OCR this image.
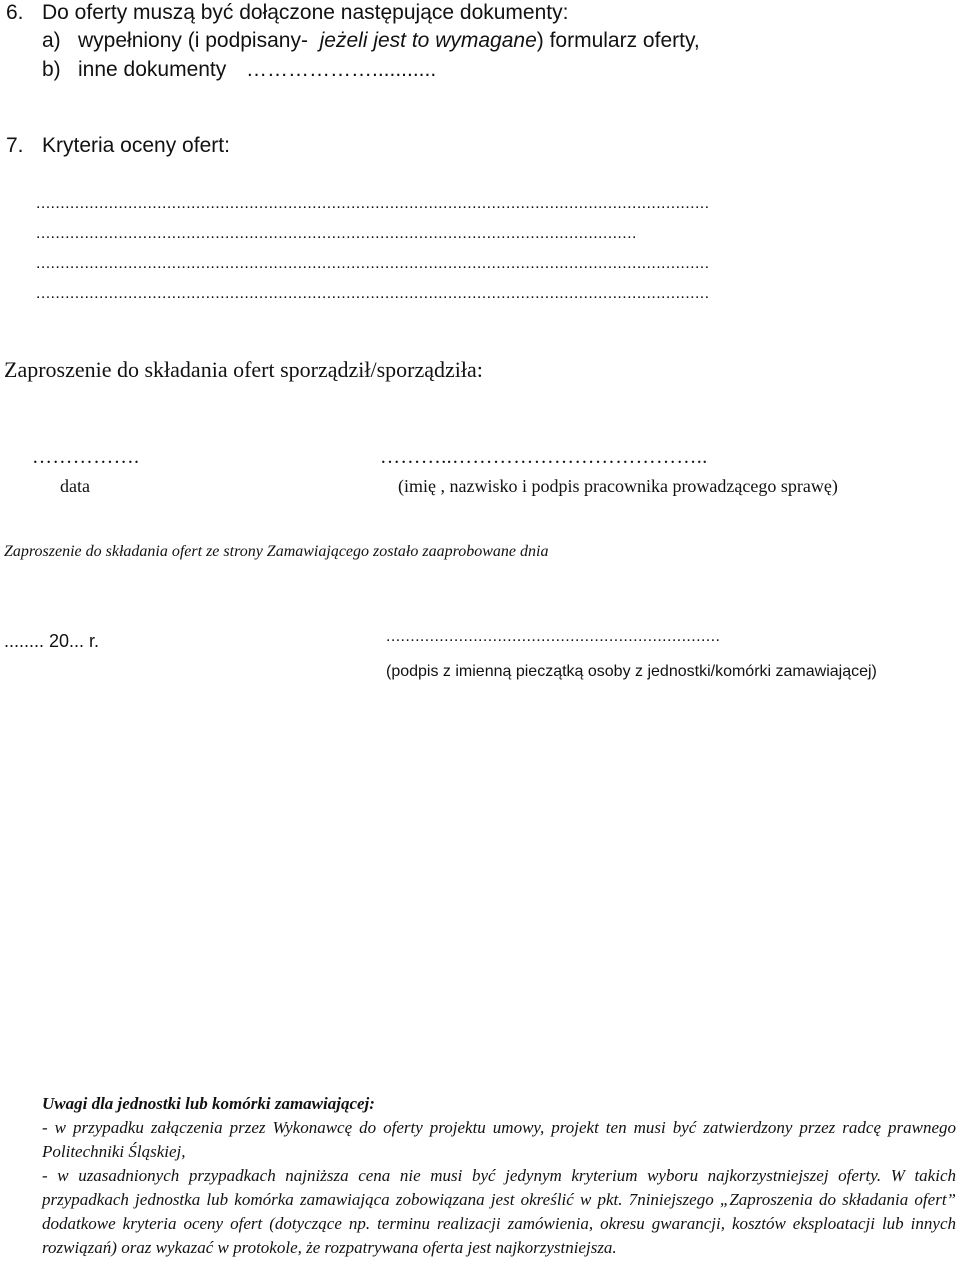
6. Do oferty muszą być dołączone następujące dokumenty:
a) wypełniony (i podpisany- jeżeli jest to wymagane) formularz oferty,
b) inne dokumenty ………………...........
7. Kryteria oceny ofert:
...........................................................................................................................................
............................................................................................................................
...........................................................................................................................................
...........................................................................................................................................
Zaproszenie do składania ofert sporządził/sporządziła:
…………….	………..………………………………..
data	(imię , nazwisko i podpis pracownika prowadzącego sprawę)
Zaproszenie do składania ofert ze strony Zamawiającego zostało zaaprobowane dnia
........ 20... r.	.....................................................................
(podpis z imienną pieczątką osoby z jednostki/komórki zamawiającej)

Uwagi dla jednostki lub komórki zamawiającej:

- w przypadku załączenia przez Wykonawcę do oferty projektu umowy, projekt ten musi być zatwierdzony przez radcę prawnego Politechniki Śląskiej,

- w uzasadnionych przypadkach najniższa cena nie musi być jedynym kryterium wyboru najkorzystniejszej oferty. W takich przypadkach jednostka lub komórka zamawiająca zobowiązana jest określić w pkt. 7niniejszego „Zaproszenia do składania ofert” dodatkowe kryteria oceny ofert (dotyczące np. terminu realizacji zamówienia, okresu gwarancji, kosztów eksploatacji lub innych rozwiązań) oraz wykazać w protokole, że rozpatrywana oferta jest najkorzystniejsza.
